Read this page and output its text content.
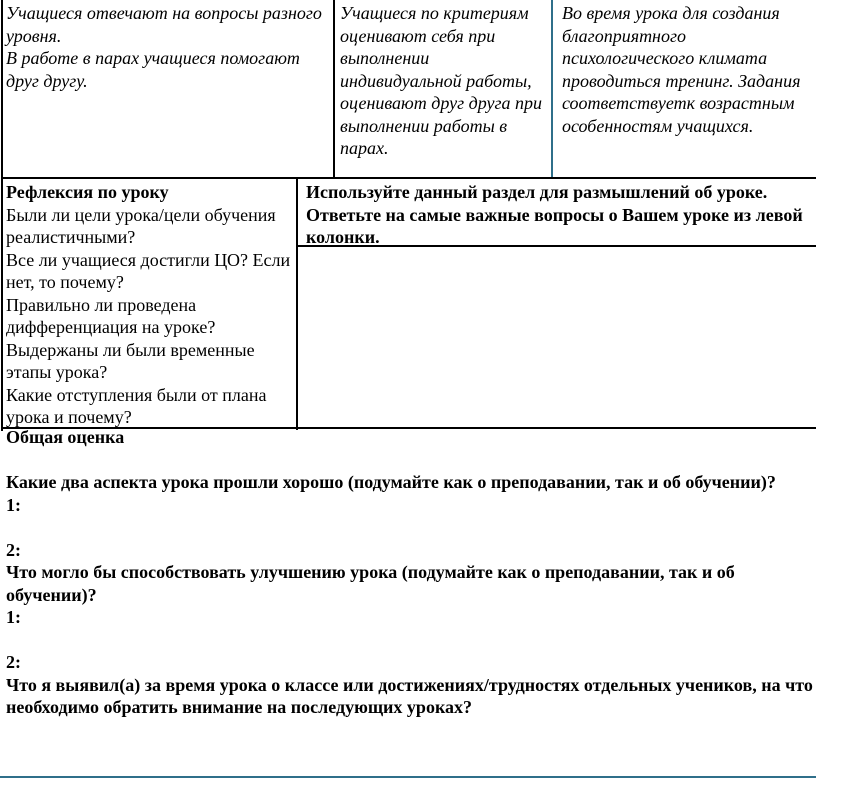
Учащиеся отвечают на вопросы разного уровня.

В работе в парах учащиеся помогают друг другу.

Учащиеся по критериям оценивают себя при выполнении индивидуальной работы, оценивают друг друга при выполнении работы в парах.

Во время урока для создания благоприятного психологического климата проводиться тренинг. Задания соответствуетк возрастным особенностям учащихся.

Рефлексия по уроку

Были ли цели урока/цели обучения реалистичными?
Все ли учащиеся достигли ЦО? Если нет, то почему?
Правильно ли проведена дифференциация на уроке?
Выдержаны ли были временные этапы урока?
Какие отступления были от плана урока и почему?

Используйте данный раздел для размышлений об уроке. Ответьте на самые важные вопросы о Вашем уроке из левой колонки.

Общая оценка

Какие два аспекта урока прошли хорошо (подумайте как о преподавании, так и об обучении)?

1:

2:

Что могло бы способствовать улучшению урока (подумайте как о преподавании, так и об обучении)?

1:

2:

Что я выявил(а) за время урока о классе или достижениях/трудностях отдельных учеников, на что необходимо обратить внимание на последующих уроках?
